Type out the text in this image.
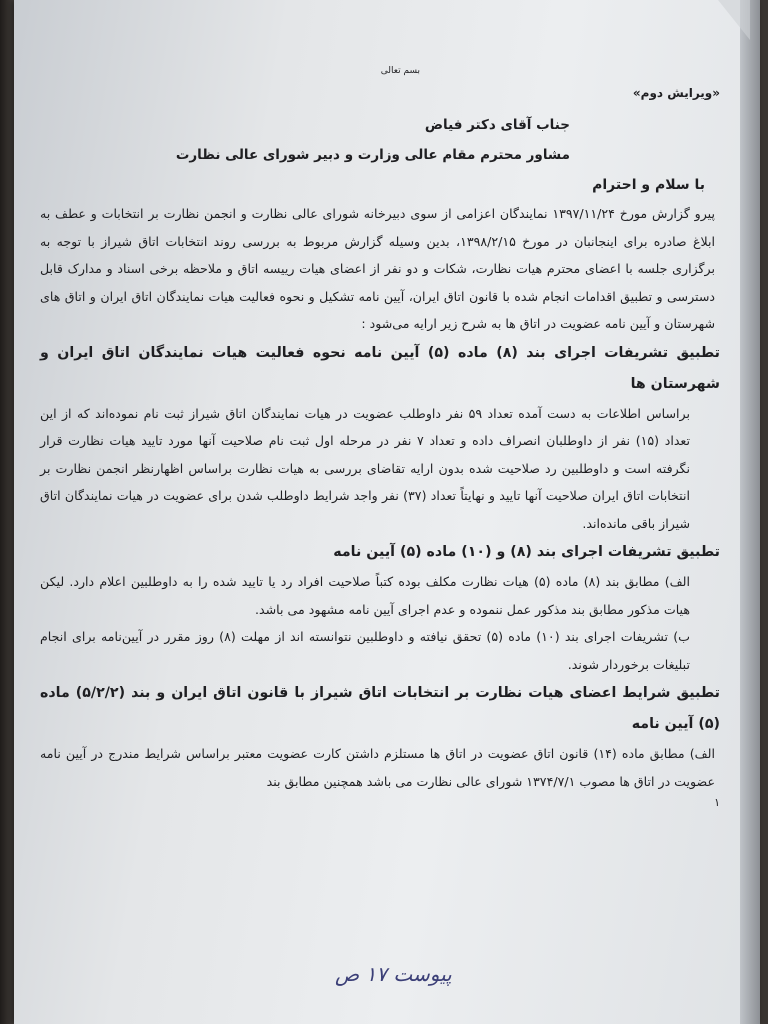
بسم تعالی

«ویرایش دوم»

جناب آقای دکتر فیاض

مشاور محترم مقام عالی وزارت و دبیر شورای عالی نظارت

با سلام و احترام

پیرو گزارش مورخ ۱۳۹۷/۱۱/۲۴ نمایندگان اعزامی از سوی دبیرخانه شورای عالی نظارت و انجمن نظارت بر انتخابات و عطف به ابلاغ صادره برای اینجانبان در مورخ ۱۳۹۸/۲/۱۵، بدین وسیله گزارش مربوط به بررسی روند انتخابات اتاق شیراز با توجه به برگزاری جلسه با اعضای محترم هیات نظارت، شکات و دو نفر از اعضای هیات رییسه اتاق و ملاحظه برخی اسناد و مدارک قابل دسترسی و تطبیق اقدامات انجام شده با قانون اتاق ایران، آیین نامه تشکیل و نحوه فعالیت هیات نمایندگان اتاق ایران و اتاق های شهرستان و آیین نامه عضویت در اتاق ها به شرح زیر ارایه می‌شود :

تطبیق تشریفات اجرای بند (۸) ماده (۵) آیین نامه نحوه فعالیت هیات نمایندگان اتاق ایران و شهرستان ها

براساس اطلاعات به دست آمده تعداد ۵۹ نفر داوطلب عضویت در هیات نمایندگان اتاق شیراز ثبت نام نموده‌اند که از این تعداد (۱۵) نفر از داوطلبان انصراف داده و تعداد ۷ نفر در مرحله اول ثبت نام صلاحیت آنها مورد تایید هیات نظارت قرار نگرفته است و داوطلبین رد صلاحیت شده بدون ارایه تقاضای بررسی به هیات نظارت براساس اظهارنظر انجمن نظارت بر انتخابات اتاق ایران صلاحیت آنها تایید و نهایتاً تعداد (۳۷) نفر واجد شرایط داوطلب شدن برای عضویت در هیات نمایندگان اتاق شیراز باقی مانده‌اند.

تطبیق تشریفات اجرای بند (۸) و (۱۰) ماده (۵) آیین نامه

الف) مطابق بند (۸) ماده (۵) هیات نظارت مکلف بوده کتباً صلاحیت افراد رد یا تایید شده را به داوطلبین اعلام دارد. لیکن هیات مذکور مطابق بند مذکور عمل ننموده و عدم اجرای آیین نامه مشهود می باشد.

ب) تشریفات اجرای بند (۱۰) ماده (۵) تحقق نیافته و داوطلبین نتوانسته اند از مهلت (۸) روز مقرر در آیین‌نامه برای انجام تبلیغات برخوردار شوند.

تطبیق شرایط اعضای هیات نظارت بر انتخابات اتاق شیراز با قانون اتاق ایران و بند (۵/۲/۲) ماده (۵) آیین نامه

الف) مطابق ماده (۱۴) قانون اتاق عضویت در اتاق ها مستلزم داشتن کارت عضویت معتبر براساس شرایط مندرج در آیین نامه عضویت در اتاق ها مصوب ۱۳۷۴/۷/۱ شورای عالی نظارت می باشد همچنین مطابق بند

۱

پیوست ۱۷ ص
